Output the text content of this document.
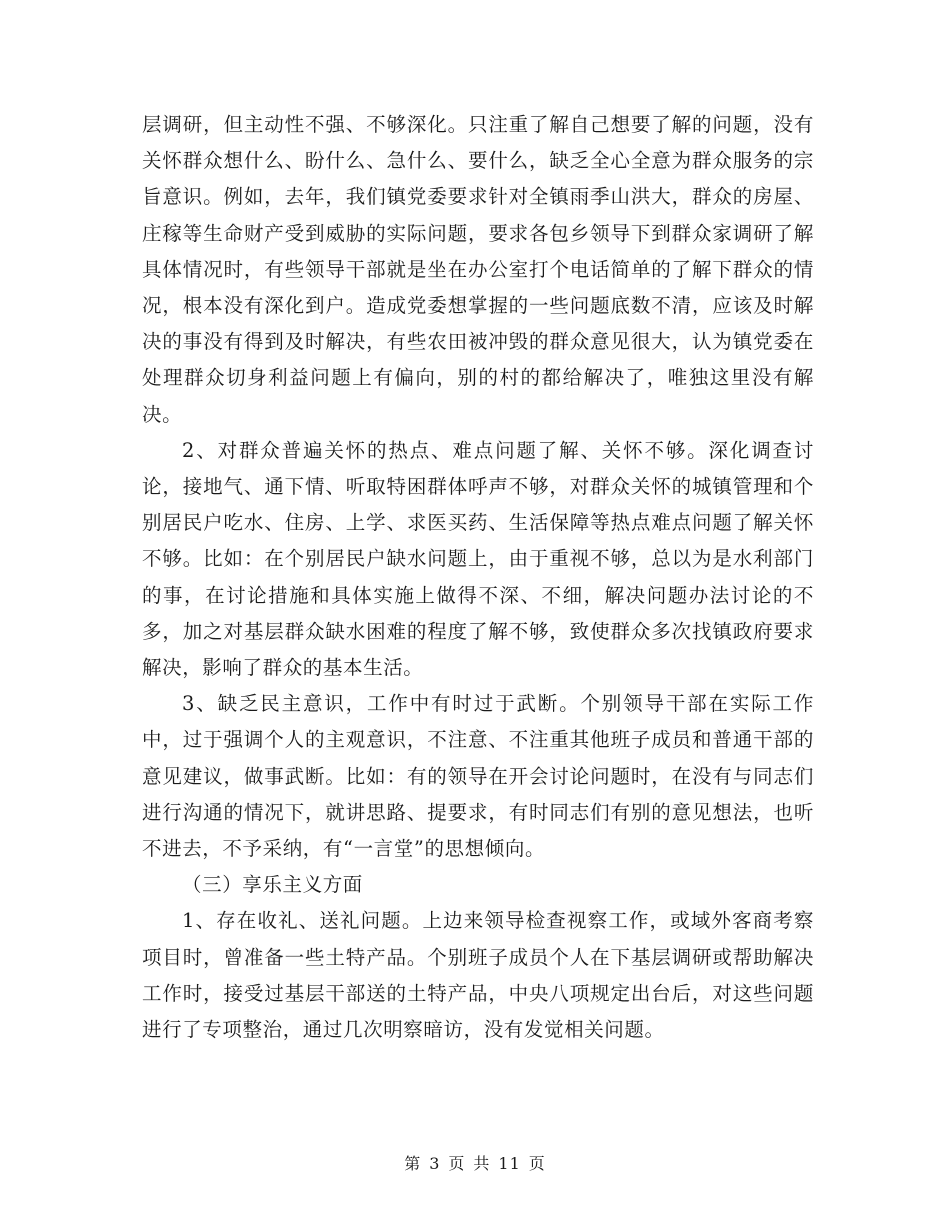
层调研，但主动性不强、不够深化。只注重了解自己想要了解的问题，没有关怀群众想什么、盼什么、急什么、要什么，缺乏全心全意为群众服务的宗旨意识。例如，去年，我们镇党委要求针对全镇雨季山洪大，群众的房屋、庄稼等生命财产受到威胁的实际问题，要求各包乡领导下到群众家调研了解具体情况时，有些领导干部就是坐在办公室打个电话简单的了解下群众的情况，根本没有深化到户。造成党委想掌握的一些问题底数不清，应该及时解决的事没有得到及时解决，有些农田被冲毁的群众意见很大，认为镇党委在处理群众切身利益问题上有偏向，别的村的都给解决了，唯独这里没有解决。

2、对群众普遍关怀的热点、难点问题了解、关怀不够。深化调查讨论，接地气、通下情、听取特困群体呼声不够，对群众关怀的城镇管理和个别居民户吃水、住房、上学、求医买药、生活保障等热点难点问题了解关怀不够。比如：在个别居民户缺水问题上，由于重视不够，总以为是水利部门的事，在讨论措施和具体实施上做得不深、不细，解决问题办法讨论的不多，加之对基层群众缺水困难的程度了解不够，致使群众多次找镇政府要求解决，影响了群众的基本生活。

3、缺乏民主意识，工作中有时过于武断。个别领导干部在实际工作中，过于强调个人的主观意识，不注意、不注重其他班子成员和普通干部的意见建议，做事武断。比如：有的领导在开会讨论问题时，在没有与同志们进行沟通的情况下，就讲思路、提要求，有时同志们有别的意见想法，也听不进去，不予采纳，有“一言堂”的思想倾向。

（三）享乐主义方面

1、存在收礼、送礼问题。上边来领导检查视察工作，或域外客商考察项目时，曾准备一些土特产品。个别班子成员个人在下基层调研或帮助解决工作时，接受过基层干部送的土特产品，中央八项规定出台后，对这些问题进行了专项整治，通过几次明察暗访，没有发觉相关问题。

第 3 页 共 11 页
